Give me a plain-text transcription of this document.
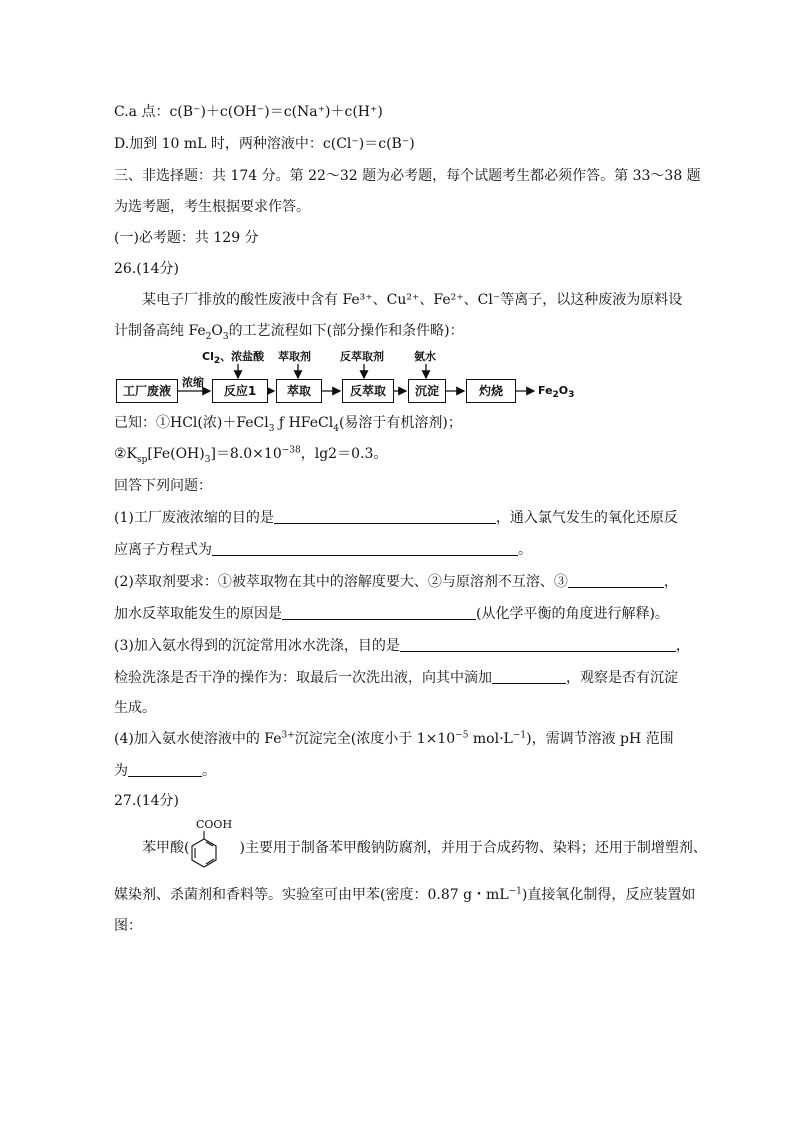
C.a 点：c(B⁻)＋c(OH⁻)＝c(Na⁺)＋c(H⁺)
D.加到 10 mL 时，两种溶液中：c(Cl⁻)＝c(B⁻)
三、非选择题：共 174 分。第 22～32 题为必考题，每个试题考生都必须作答。第 33～38 题
为选考题，考生根据要求作答。
(一)必考题：共 129 分
26.(14分)
某电子厂排放的酸性废液中含有 Fe³⁺、Cu²⁺、Fe²⁺、Cl⁻等离子，以这种废液为原料设
计制备高纯 $Fe_2O_3$的工艺流程如下(部分操作和条件略)：
工厂废液
浓缩
反应1	萃取	反萃取	沉淀	灼烧
$Cl_2$、浓盐酸 萃取剂	反萃取剂	氨水
$Fe_2O_3$
已知：①HCl(浓)＋FeCl$_3$ ƒ HFeCl$_4$(易溶于有机溶剂)；
$②K_{sp}[Fe(OH)_3]=8.0\times 10^{-38}$，lg2＝0.3。
回答下列问题：
(1)工厂废液浓缩的目的是	，通入氯气发生的氧化还原反
应离子方程式为	。
(2)萃取剂要求：①被萃取物在其中的溶解度要大、②与原溶剂不互溶、③	，
加水反萃取能发生的原因是	(从化学平衡的角度进行解释)。
(3)加入氨水得到的沉淀常用冰水洗涤，目的是	，
检验洗涤是否干净的操作为：取最后一次洗出液，向其中滴加	，观察是否有沉淀
生成。
(4)加入氨水使溶液中的 $Fe^{3+}$沉淀完全(浓度小于 $1\times 10^{-5}$ $mol\cdot L^{-1}$)，需调节溶液 pH 范围
为	。
27.(14分)
COOH
苯甲酸(	)主要用于制备苯甲酸钠防腐剂，并用于合成药物、染料；还用于制增塑剂、
媒染剂、杀菌剂和香料等。实验室可由甲苯(密度：0.87 g・$mL^{-1}$)直接氧化制得，反应装置如
图：
